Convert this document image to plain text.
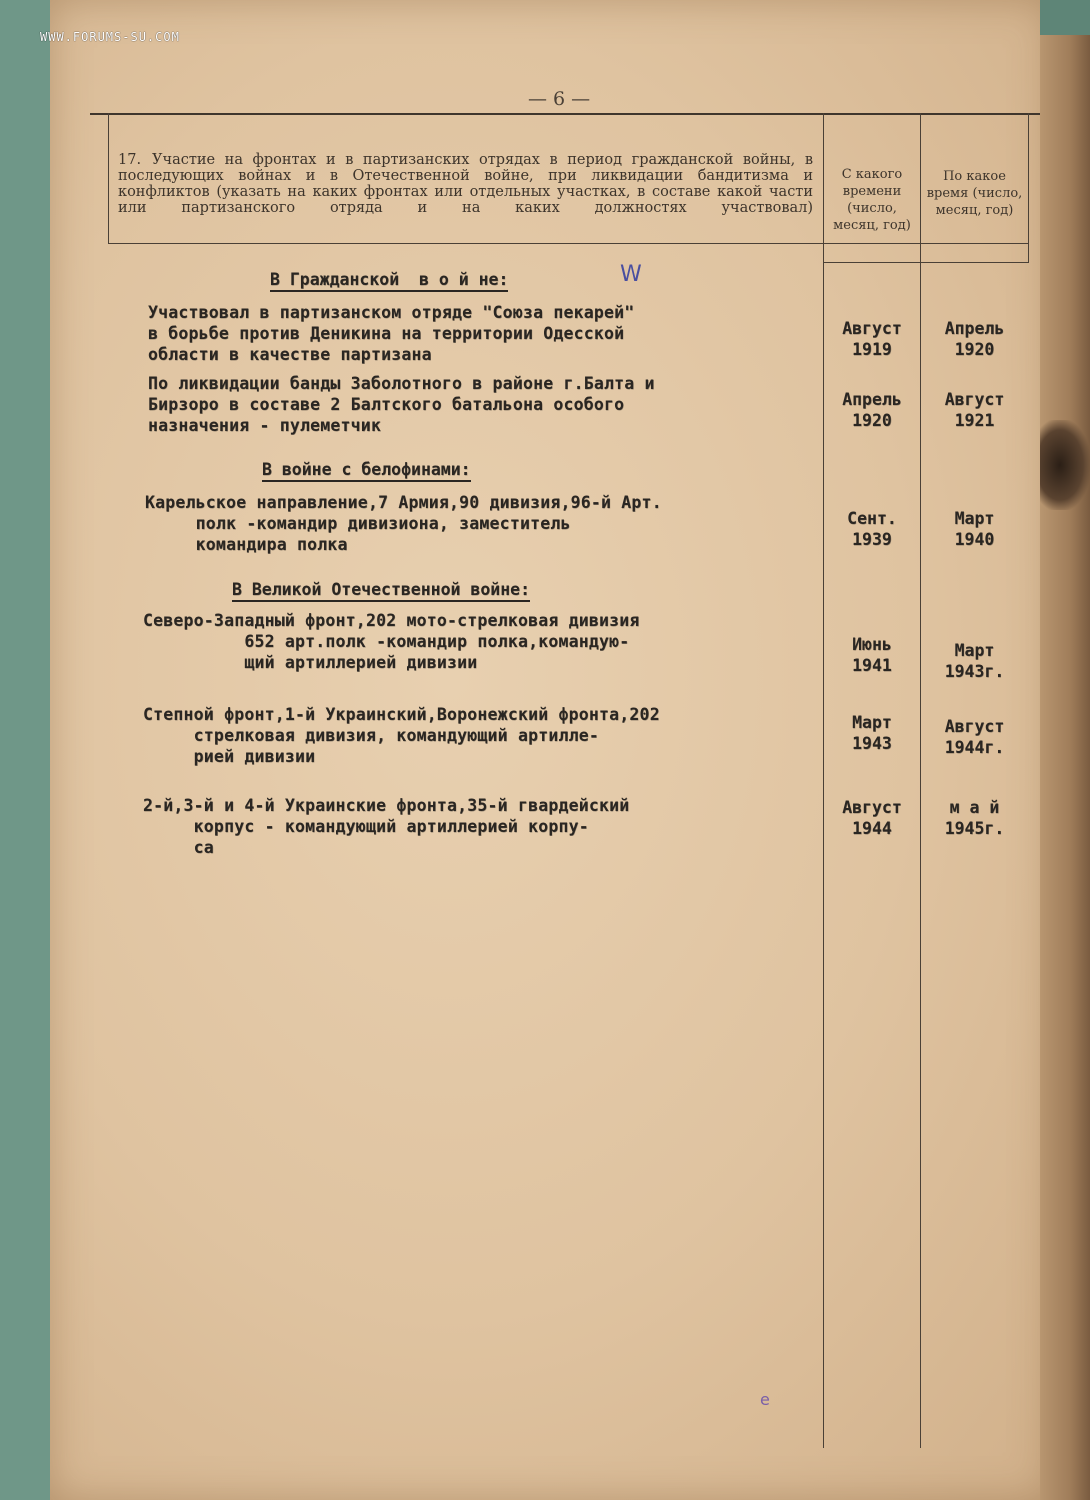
WWW.FORUMS-SU.COM
— 6 —
17. Участие на фронтах и в партизанских отрядах в период гражданской войны, в последующих войнах и в Отечественной войне, при ликвидации бандитизма и конфликтов (указать на каких фронтах или отдельных участках, в составе какой части или партизанского отряда и на каких должностях участвовал)
С какого времени (число, месяц, год)
По какое время (число, месяц, год)
W
В Гражданской  в о й не:
Участвовал в партизанском отряде "Союза пекарей"
в борьбе против Деникина на территории Одесской
области в качестве партизана
Август
1919
Апрель
1920
По ликвидации банды Заболотного в районе г.Балта и
Бирзоро в составе 2 Балтского батальона особого
назначения - пулеметчик
Апрель
1920
Август
1921
В войне с белофинами:
Карельское направление,7 Армия,90 дивизия,96-й Арт.
полк -командир дивизиона, заместитель
командира полка
Сент.
1939
Март
1940
В Великой Отечественной войне:
Северо-Западный фронт,202 мото-стрелковая дивизия
652 арт.полк -командир полка,командую-
щий артиллерией дивизии
Июнь
1941
Март
1943г.
Степной фронт,1-й Украинский,Воронежский фронта,202
стрелковая дивизия, командующий артилле-
рией дивизии
Март
1943
Август
1944г.
2-й,3-й и 4-й Украинские фронта,35-й гвардейский
корпус - командующий артиллерией корпу-
са
Август
1944
м а й
1945г.
е
